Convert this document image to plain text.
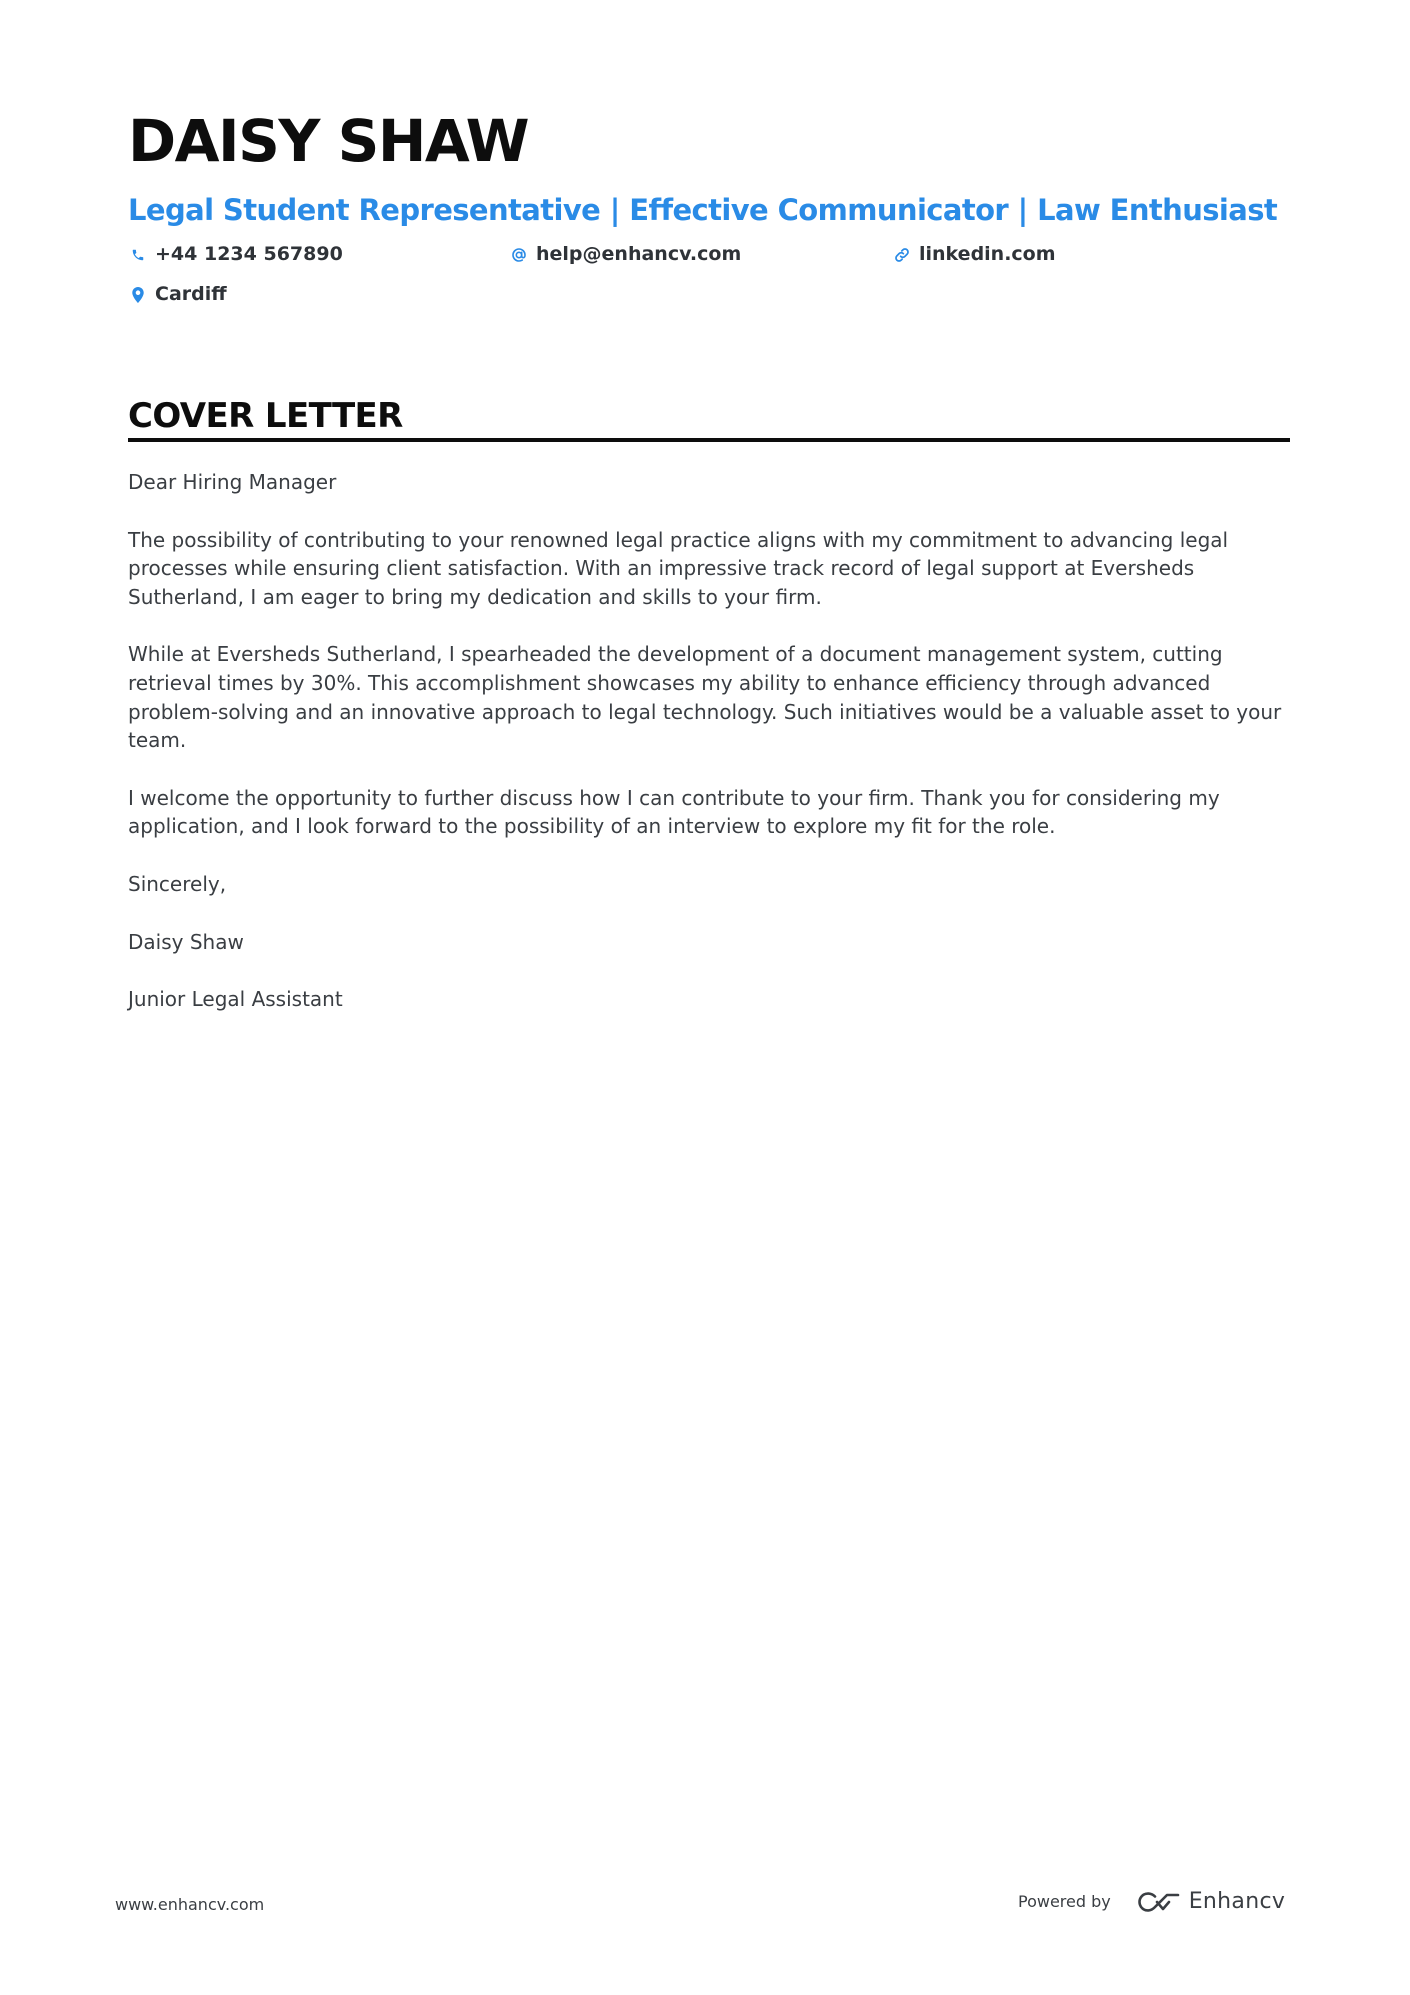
DAISY SHAW
Legal Student Representative | Effective Communicator | Law Enthusiast
+44 1234 567890	help@enhancv.com	linkedin.com
Cardiff
COVER LETTER

Dear Hiring Manager

The possibility of contributing to your renowned legal practice aligns with my commitment to advancing legal processes while ensuring client satisfaction. With an impressive track record of legal support at Eversheds Sutherland, I am eager to bring my dedication and skills to your firm.

While at Eversheds Sutherland, I spearheaded the development of a document management system, cutting retrieval times by 30%. This accomplishment showcases my ability to enhance efficiency through advanced problem-solving and an innovative approach to legal technology. Such initiatives would be a valuable asset to your team.

I welcome the opportunity to further discuss how I can contribute to your firm. Thank you for considering my application, and I look forward to the possibility of an interview to explore my fit for the role.

Sincerely,

Daisy Shaw

Junior Legal Assistant

www.enhancv.com	Powered by	Enhancv
